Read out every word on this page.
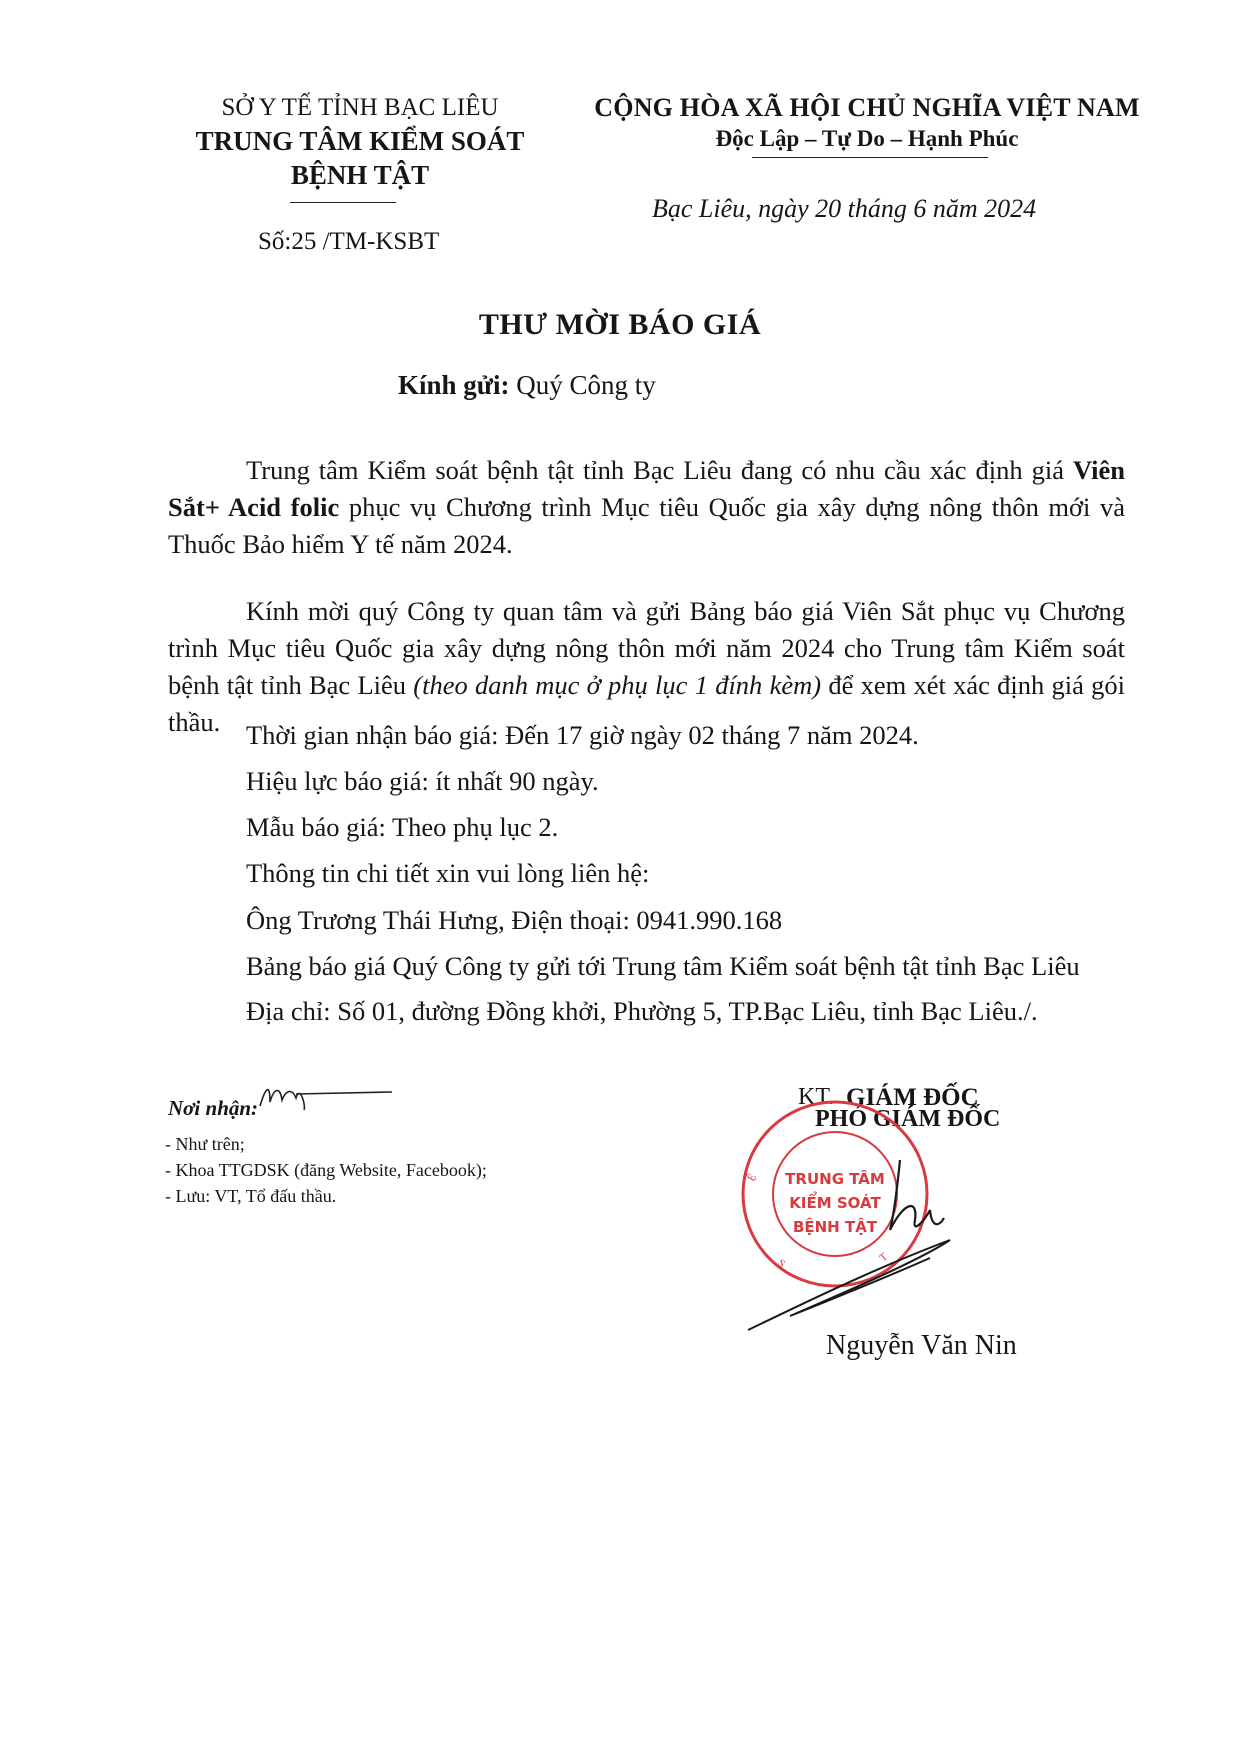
SỞ Y TẾ TỈNH BẠC LIÊU
TRUNG TÂM KIỂM SOÁT
BỆNH TẬT
Số:25 /TM-KSBT
CỘNG HÒA XÃ HỘI CHỦ NGHĨA VIỆT NAM
Độc Lập – Tự Do – Hạnh Phúc
Bạc Liêu, ngày 20 tháng 6 năm 2024
THƯ MỜI BÁO GIÁ
Kính gửi: Quý Công ty
Trung tâm Kiểm soát bệnh tật tỉnh Bạc Liêu đang có nhu cầu xác định giá Viên Sắt+ Acid folic phục vụ Chương trình Mục tiêu Quốc gia xây dựng nông thôn mới và Thuốc Bảo hiểm Y tế năm 2024.
Kính mời quý Công ty quan tâm và gửi Bảng báo giá Viên Sắt phục vụ Chương trình Mục tiêu Quốc gia xây dựng nông thôn mới năm 2024 cho Trung tâm Kiểm soát bệnh tật tỉnh Bạc Liêu (theo danh mục ở phụ lục 1 đính kèm) để xem xét xác định giá gói thầu. Thời gian nhận báo giá: Đến 17 giờ ngày 02 tháng 7 năm 2024.
Hiệu lực báo giá: ít nhất 90 ngày.
Mẫu báo giá: Theo phụ lục 2.
Thông tin chi tiết xin vui lòng liên hệ:
Ông Trương Thái Hưng, Điện thoại: 0941.990.168
Bảng báo giá Quý Công ty gửi tới Trung tâm Kiểm soát bệnh tật tỉnh Bạc Liêu
Địa chỉ: Số 01, đường Đồng khởi, Phường 5, TP.Bạc Liêu, tỉnh Bạc Liêu./.
Nơi nhận:
- Như trên;
- Khoa TTGDSK (đăng Website, Facebook);
- Lưu: VT, Tổ đấu thầu.
KT. GIÁM ĐỐC
PHÓ GIÁM ĐỐC
TRUNG TÂM
KIỂM SOÁT
BỆNH TẬT
Ệ
S	T
Nguyễn Văn Nin
